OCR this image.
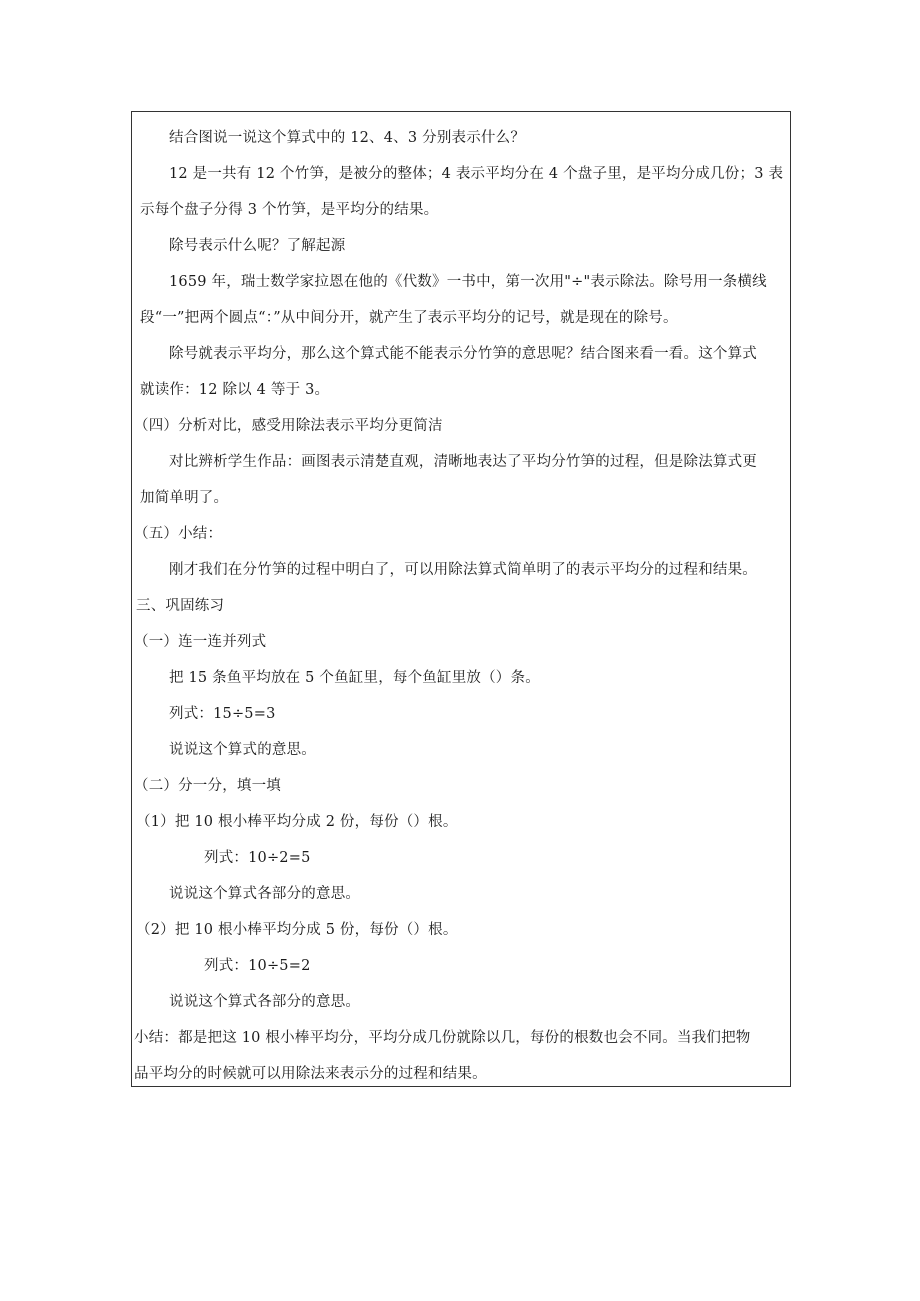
结合图说一说这个算式中的 12、4、3 分别表示什么？
12 是一共有 12 个竹笋，是被分的整体；4 表示平均分在 4 个盘子里，是平均分成几份；3 表
示每个盘子分得 3 个竹笋，是平均分的结果。
除号表示什么呢？了解起源
1659 年，瑞士数学家拉恩在他的《代数》一书中，第一次用"÷"表示除法。除号用一条横线
段“一”把两个圆点“：”从中间分开，就产生了表示平均分的记号，就是现在的除号。
除号就表示平均分，那么这个算式能不能表示分竹笋的意思呢？结合图来看一看。这个算式
就读作：12 除以 4 等于 3。
（四）分析对比，感受用除法表示平均分更简洁
对比辨析学生作品：画图表示清楚直观，清晰地表达了平均分竹笋的过程，但是除法算式更
加简单明了。
（五）小结：
刚才我们在分竹笋的过程中明白了，可以用除法算式简单明了的表示平均分的过程和结果。
三、巩固练习
（一）连一连并列式
把 15 条鱼平均放在 5 个鱼缸里，每个鱼缸里放（）条。
列式：15÷5=3
说说这个算式的意思。
（二）分一分，填一填
（1）把 10 根小棒平均分成 2 份，每份（）根。
列式：10÷2=5
说说这个算式各部分的意思。
（2）把 10 根小棒平均分成 5 份，每份（）根。
列式：10÷5=2
说说这个算式各部分的意思。
小结：都是把这 10 根小棒平均分，平均分成几份就除以几，每份的根数也会不同。当我们把物
品平均分的时候就可以用除法来表示分的过程和结果。
